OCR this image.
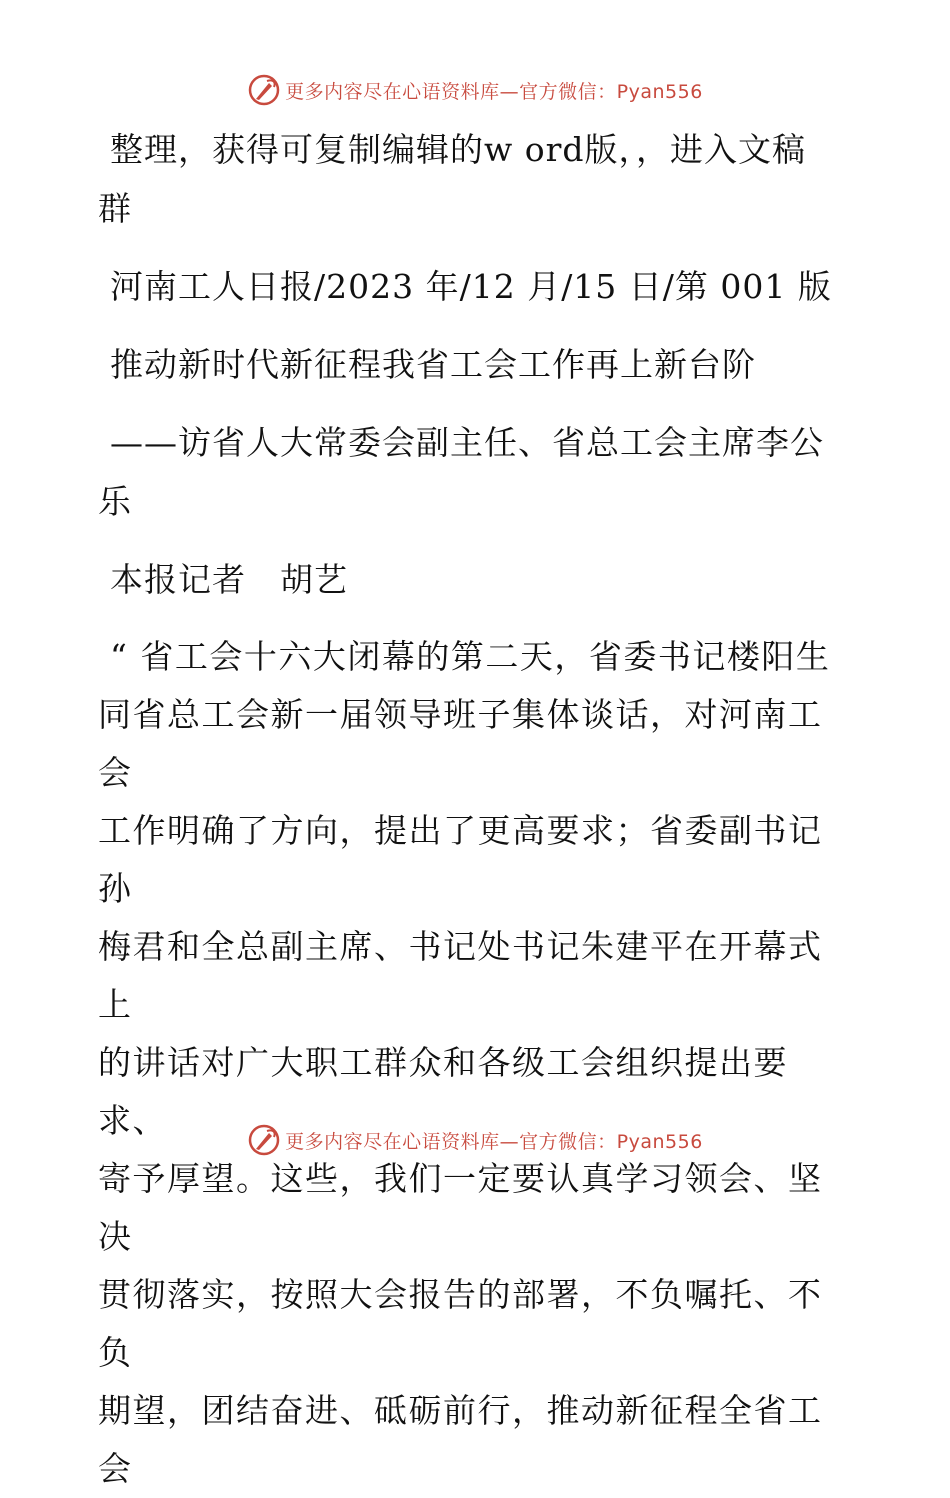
更多内容尽在心语资料库—官方微信：Pyan556

整理，获得可复制编辑的w ord版，，进入文稿

群

河南工人日报/2023 年/12 月/15 日/第 001 版

推动新时代新征程我省工会工作再上新台阶

——访省人大常委会副主任、省总工会主席李公

乐

本报记者　胡艺

“ 省工会十六大闭幕的第二天，省委书记楼阳生

同省总工会新一届领导班子集体谈话，对河南工会

工作明确了方向，提出了更高要求；省委副书记孙

梅君和全总副主席、书记处书记朱建平在开幕式上

的讲话对广大职工群众和各级工会组织提出要求、

寄予厚望。这些，我们一定要认真学习领会、坚决

贯彻落实，按照大会报告的部署，不负嘱托、不负

期望，团结奋进、砥砺前行，推动新征程全省工会

更多内容尽在心语资料库—官方微信：Pyan556
